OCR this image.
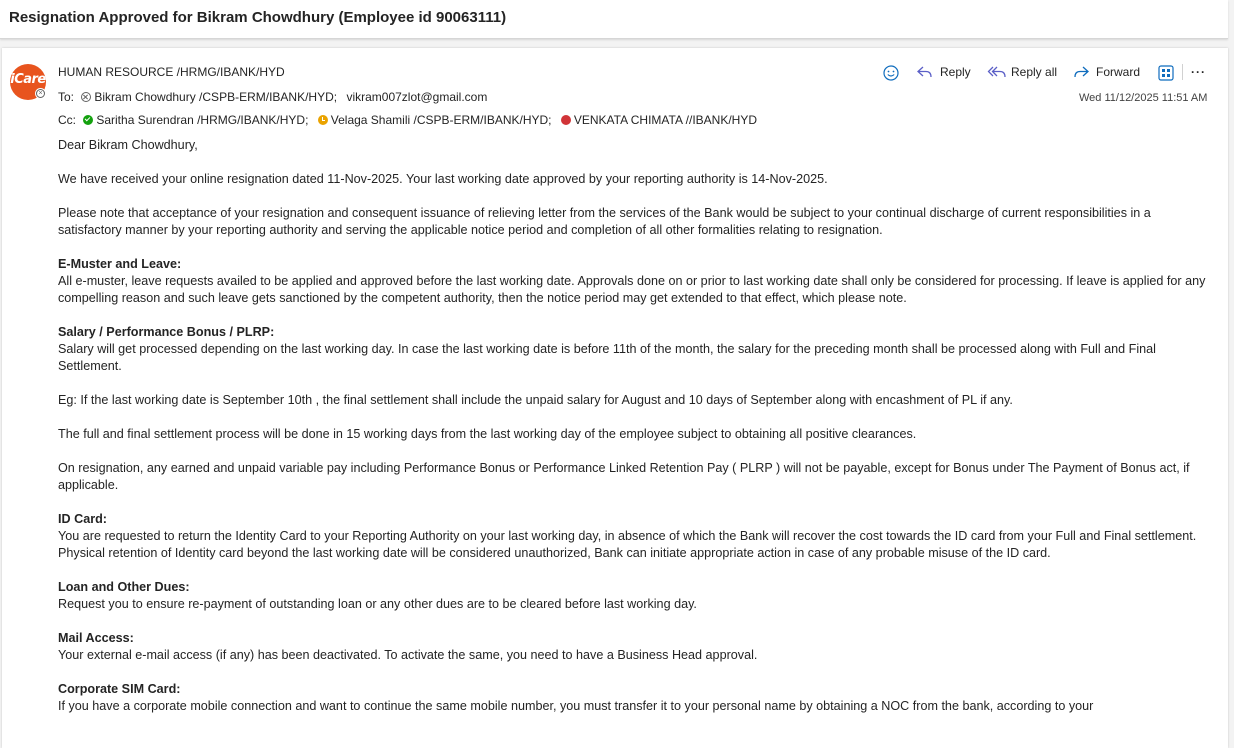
Resignation Approved for Bikram Chowdhury (Employee id 90063111)
iCare
×
HUMAN RESOURCE /HRMG/IBANK/HYD
To: Bikram Chowdhury /CSPB-ERM/IBANK/HYD; vikram007zlot@gmail.com
Cc: Saritha Surendran /HRMG/IBANK/HYD; Velaga Shamili /CSPB-ERM/IBANK/HYD; VENKATA CHIMATA //IBANK/HYD
Reply	Reply all	Forward	···
Wed 11/12/2025 11:51 AM

Dear Bikram Chowdhury,

We have received your online resignation dated 11-Nov-2025. Your last working date approved by your reporting authority is 14-Nov-2025.

Please note that acceptance of your resignation and consequent issuance of relieving letter from the services of the Bank would be subject to your continual discharge of current responsibilities in a satisfactory manner by your reporting authority and serving the applicable notice period and completion of all other formalities relating to resignation.

E-Muster and Leave:
All e-muster, leave requests availed to be applied and approved before the last working date. Approvals done on or prior to last working date shall only be considered for processing. If leave is applied for any compelling reason and such leave gets sanctioned by the competent authority, then the notice period may get extended to that effect, which please note.

Salary / Performance Bonus / PLRP:
Salary will get processed depending on the last working day. In case the last working date is before 11th of the month, the salary for the preceding month shall be processed along with Full and Final Settlement.

Eg: If the last working date is September 10th , the final settlement shall include the unpaid salary for August and 10 days of September along with encashment of PL if any.

The full and final settlement process will be done in 15 working days from the last working day of the employee subject to obtaining all positive clearances.

On resignation, any earned and unpaid variable pay including Performance Bonus or Performance Linked Retention Pay ( PLRP ) will not be payable, except for Bonus under The Payment of Bonus act, if applicable.

ID Card:
You are requested to return the Identity Card to your Reporting Authority on your last working day, in absence of which the Bank will recover the cost towards the ID card from your Full and Final settlement. Physical retention of Identity card beyond the last working date will be considered unauthorized, Bank can initiate appropriate action in case of any probable misuse of the ID card.

Loan and Other Dues:
Request you to ensure re-payment of outstanding loan or any other dues are to be cleared before last working day.

Mail Access:
Your external e-mail access (if any) has been deactivated. To activate the same, you need to have a Business Head approval.

Corporate SIM Card:
If you have a corporate mobile connection and want to continue the same mobile number, you must transfer it to your personal name by obtaining a NOC from the bank, according to your
